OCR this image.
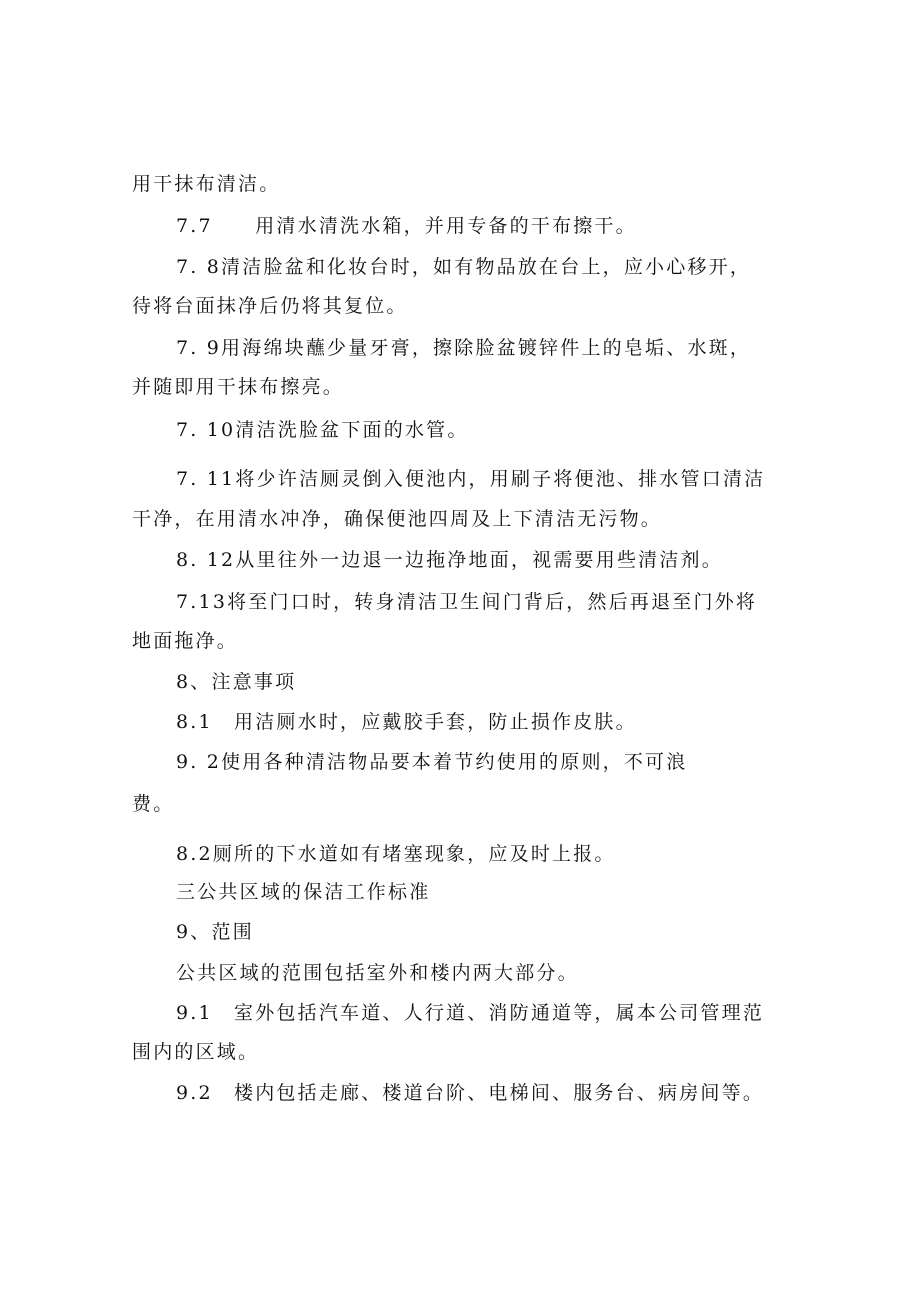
用干抹布清洁。
7.7　　用清水清洗水箱，并用专备的干布擦干。
7. 8清洁脸盆和化妆台时，如有物品放在台上，应小心移开，
待将台面抹净后仍将其复位。
7. 9用海绵块蘸少量牙膏，擦除脸盆镀锌件上的皂垢、水斑，
并随即用干抹布擦亮。
7. 10清洁洗脸盆下面的水管。
7. 11将少许洁厕灵倒入便池内，用刷子将便池、排水管口清洁
干净，在用清水冲净，确保便池四周及上下清洁无污物。
8. 12从里往外一边退一边拖净地面，视需要用些清洁剂。
7.13将至门口时，转身清洁卫生间门背后，然后再退至门外将
地面拖净。
8、注意事项
8.1　用洁厕水时，应戴胶手套，防止损作皮肤。
9. 2使用各种清洁物品要本着节约使用的原则，不可浪
费。
8.2厕所的下水道如有堵塞现象，应及时上报。
三公共区域的保洁工作标准
9、范围
公共区域的范围包括室外和楼内两大部分。
9.1　室外包括汽车道、人行道、消防通道等，属本公司管理范
围内的区域。
9.2　楼内包括走廊、楼道台阶、电梯间、服务台、病房间等。
